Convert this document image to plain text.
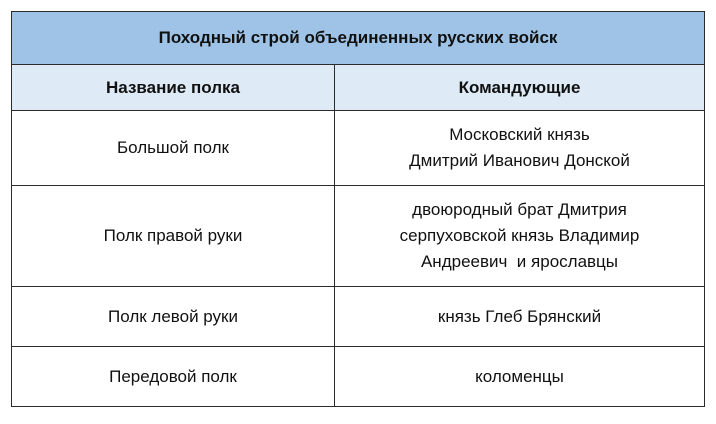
Походный строй объединенных русских войск	
Название полка	Командующие
Большой полк	Московский князь
Дмитрий Иванович Донской

Полк правой руки	двоюродный брат Дмитрия
серпуховской князь Владимир
Андреевич  и ярославцы

Полк левой руки	князь Глеб Брянский

Передовой полк	коломенцы
